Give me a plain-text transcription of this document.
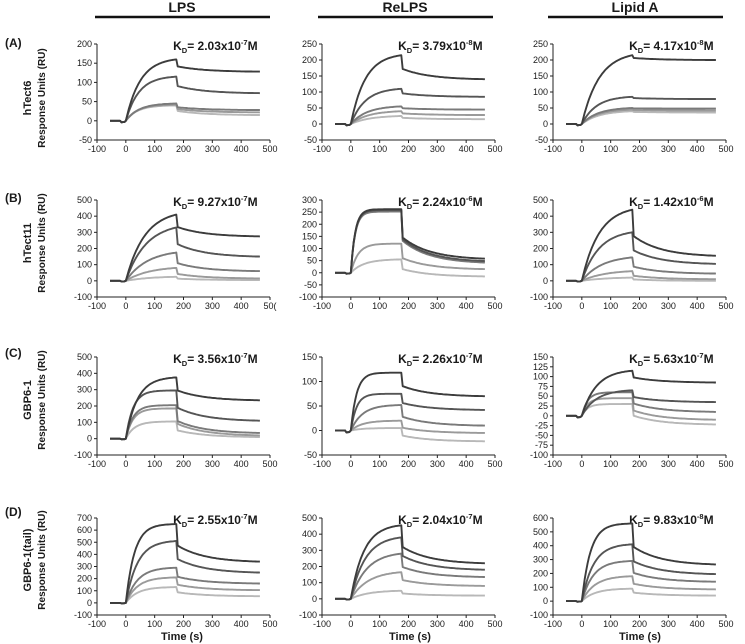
LPS	ReLPS	Lipid A
(A)
(B)
(C)
(D)
hTect6
hTect11
GBP6-1
GBP6-1(tail)
Response Units (RU)
Response Units (RU)
Response Units (RU)
Response Units (RU)
Time (s)	Time (s)	Time (s)
-50
0
50
100
150
200
-100 0 100 200 300 400 500
$K_D= 2.03x10^{-7}M$
-50
0
50
100
150
200
250
-100 0 100 200 300 400 500
$K_D= 3.79x10^{-8}M$
-50
0
50
100
150
200
250
-100 0 100 200 300 400 500
$K_D= 4.17x10^{-8}M$
-100
0
100
200
300
400
500
-100 0 100 200 300 400 50(
$K_D= 9.27x10^{-7}M$
-100
-50
0
50
100
150
200
250
300
-100 0 100 200 300 400 500
$K_D= 2.24x10^{-6}M$
-100
0
100
200
300
400
500
-100 0 100 200 300 400 500
$K_D= 1.42x10^{-6}M$
-100
0
100
200
300
400
500
-100 0 100 200 300 400 500
$K_D= 3.56x10^{-7}M$
-50
0
50
100
150
-100 0 100 200 300 400 500
$K_D= 2.26x10^{-7}M$
-100
-75
-50
-25
0
25
50
75
100
125
150
-100 0 100 200 300 400 500
$K_D= 5.63x10^{-7}M$
-100
0
100
200
300
400
500
600
700
-100 0 100 200 300 400 500
$K_D= 2.55x10^{-7}M$
-100
0
100
200
300
400
500
-100 0 100 200 300 400 500
$K_D= 2.04x10^{-7}M$
-100
0
100
200
300
400
500
600
-100 0 100 200 300 400 500
$K_D= 9.83x10^{-8}M$
